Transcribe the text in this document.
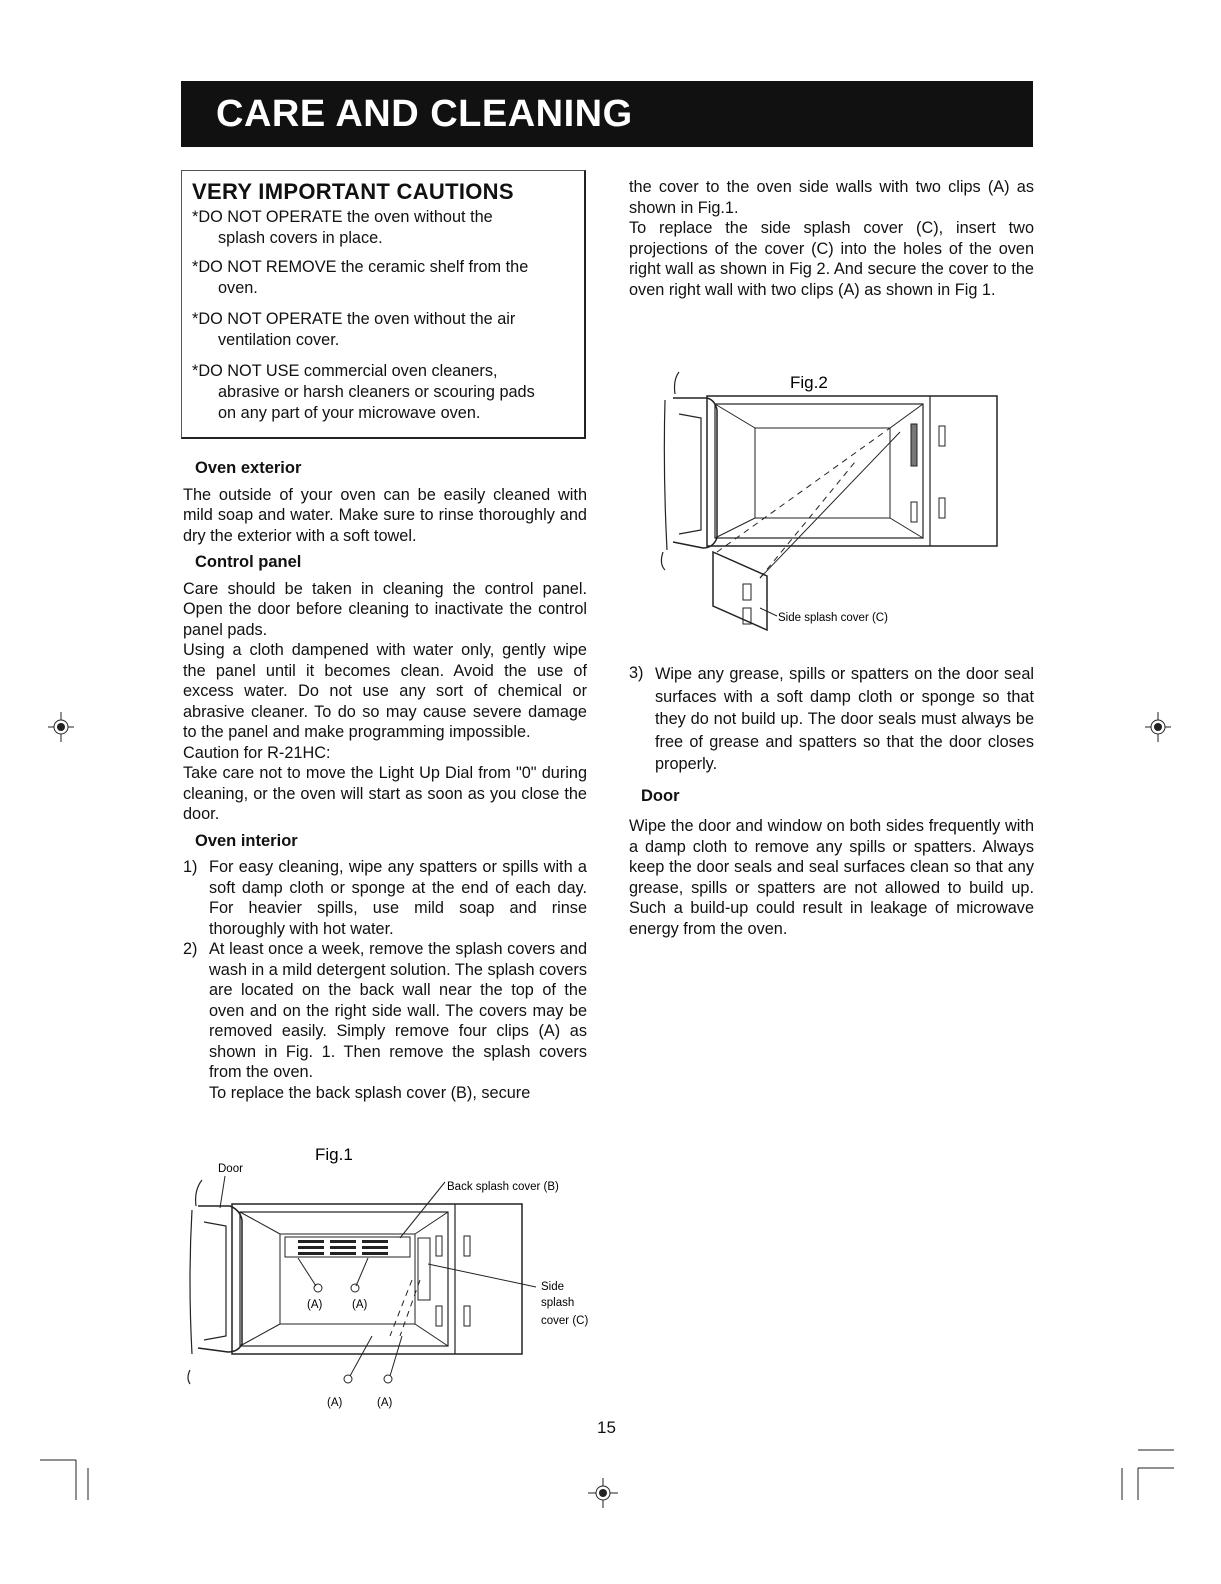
CARE AND CLEANING
VERY IMPORTANT CAUTIONS
*DO NOT OPERATE the oven without the
splash covers in place.
*DO NOT REMOVE the ceramic shelf from the
oven.
*DO NOT OPERATE the oven without the air
ventilation cover.
*DO NOT USE commercial oven cleaners,
abrasive or harsh cleaners or scouring pads
on any part of your microwave oven.
Oven exterior
The outside of your oven can be easily cleaned with mild soap and water. Make sure to rinse thoroughly and dry the exterior with a soft towel.
Control panel
Care should be taken in cleaning the control panel. Open the door before cleaning to inactivate the control panel pads.
Using a cloth dampened with water only, gently wipe the panel until it becomes clean. Avoid the use of excess water. Do not use any sort of chemical or abrasive cleaner. To do so may cause severe damage to the panel and make programming impossible.
Caution for R-21HC:
Take care not to move the Light Up Dial from "0" during cleaning, or the oven will start as soon as you close the door.
Oven interior
1) For easy cleaning, wipe any spatters or spills with a soft damp cloth or sponge at the end of each day. For heavier spills, use mild soap and rinse thoroughly with hot water.
2) At least once a week, remove the splash covers and wash in a mild detergent solution. The splash covers are located on the back wall near the top of the oven and on the right side wall. The covers may be removed easily. Simply remove four clips (A) as shown in Fig. 1. Then remove the splash covers from the oven.
To replace the back splash cover (B), secure
the cover to the oven side walls with two clips (A) as shown in Fig.1.
To replace the side splash cover (C), insert two projections of the cover (C) into the holes of the oven right wall as shown in Fig 2. And secure the cover to the oven right wall with two clips (A) as shown in Fig 1.
3) Wipe any grease, spills or spatters on the door seal surfaces with a soft damp cloth or sponge so that they do not build up. The door seals must always be free of grease and spatters so that the door closes properly.
Door
Wipe the door and window on both sides frequently with a damp cloth to remove any spills or spatters. Always keep the door seals and seal surfaces clean so that any grease, spills or spatters are not allowed to build up. Such a build-up could result in leakage of microwave energy from the oven.
Fig.2
Side splash cover (C)
Fig.1
Door
(A)	(A)
(A)	(A)
Back splash cover (B)
Side
splash
cover (C)
15
